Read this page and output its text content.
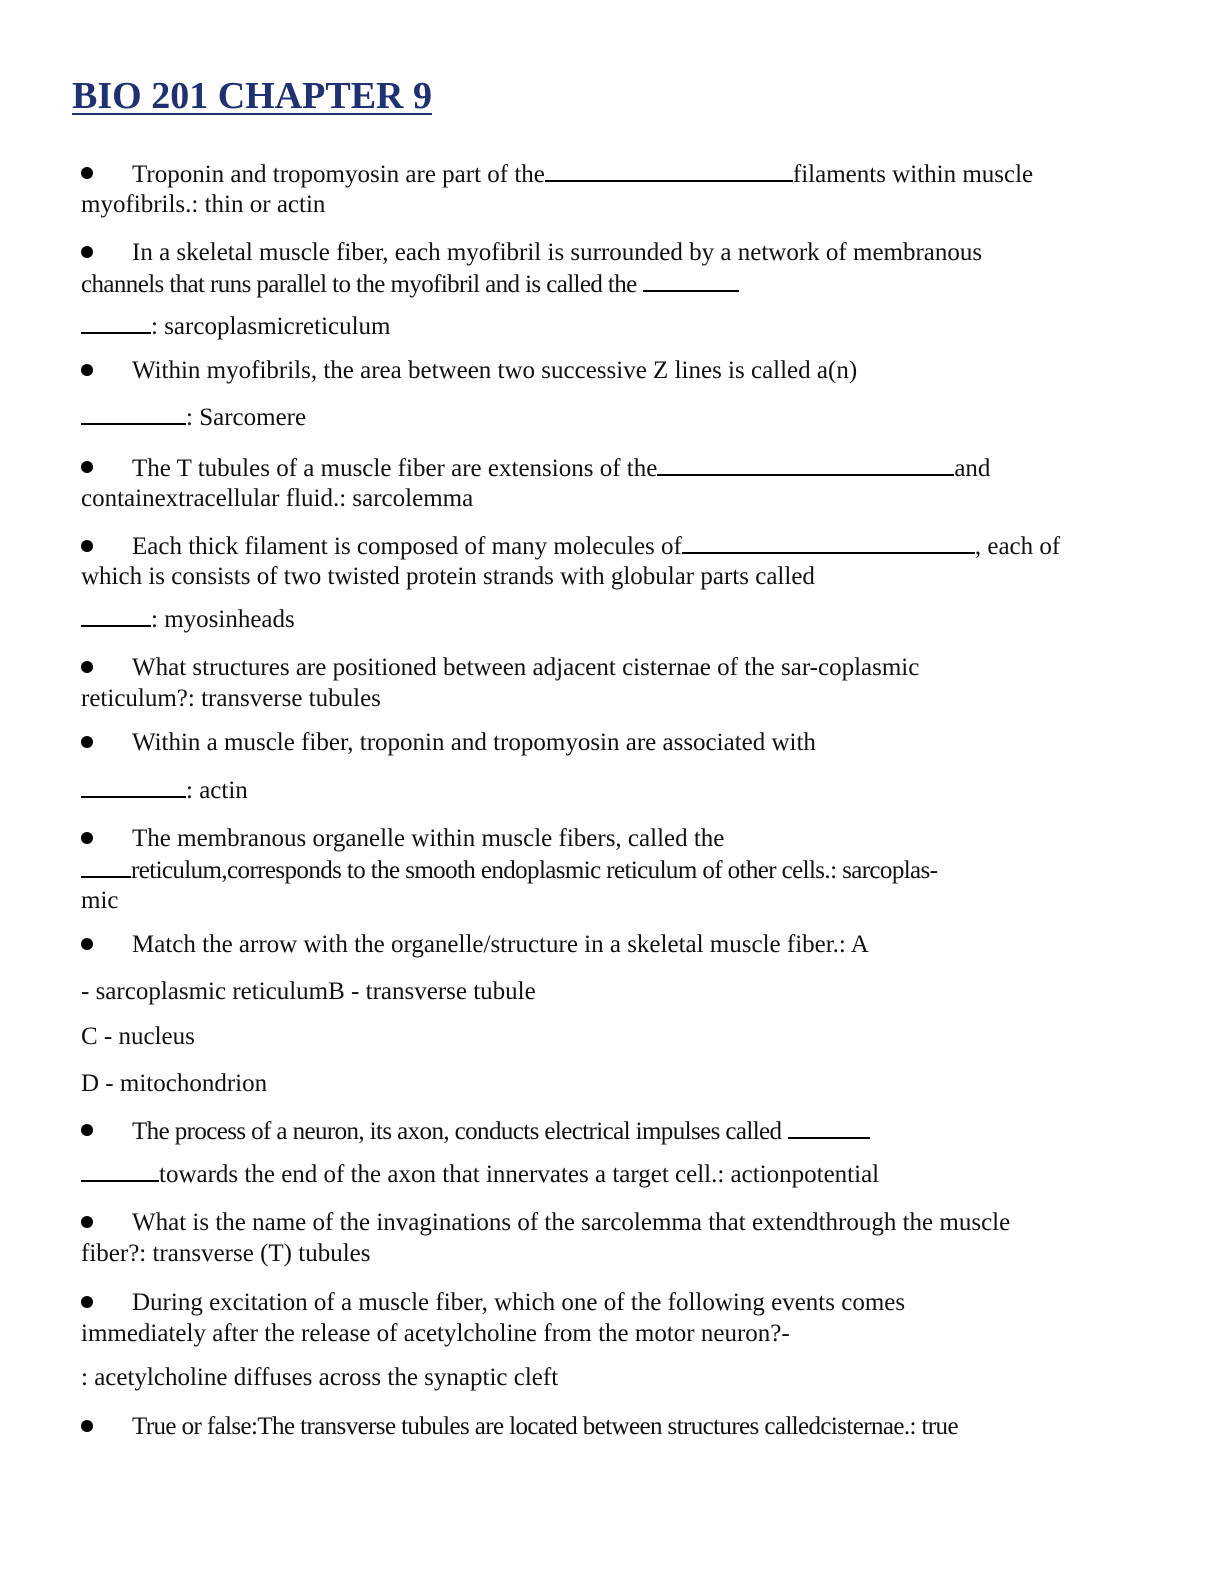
BIO 201 CHAPTER 9

Troponin and tropomyosin are part of the	filaments within muscle

myofibrils.: thin or actin

In a skeletal muscle fiber, each myofibril is surrounded by a network of membranous

channels that runs parallel to the myofibril and is called the

: sarcoplasmicreticulum

Within myofibrils, the area between two successive Z lines is called a(n)

: Sarcomere

The T tubules of a muscle fiber are extensions of the	and

containextracellular fluid.: sarcolemma

Each thick filament is composed of many molecules of	, each of

which is consists of two twisted protein strands with globular parts called

: myosinheads

What structures are positioned between adjacent cisternae of the sar-coplasmic

reticulum?: transverse tubules

Within a muscle fiber, troponin and tropomyosin are associated with

: actin

The membranous organelle within muscle fibers, called the

reticulum,corresponds to the smooth endoplasmic reticulum of other cells.: sarcoplas-

mic

Match the arrow with the organelle/structure in a skeletal muscle fiber.: A

- sarcoplasmic reticulumB - transverse tubule

C - nucleus

D - mitochondrion

The process of a neuron, its axon, conducts electrical impulses called

towards the end of the axon that innervates a target cell.: actionpotential

What is the name of the invaginations of the sarcolemma that extendthrough the muscle

fiber?: transverse (T) tubules

During excitation of a muscle fiber, which one of the following events comes

immediately after the release of acetylcholine from the motor neuron?-

: acetylcholine diffuses across the synaptic cleft

True or false:The transverse tubules are located between structures calledcisternae.: true
